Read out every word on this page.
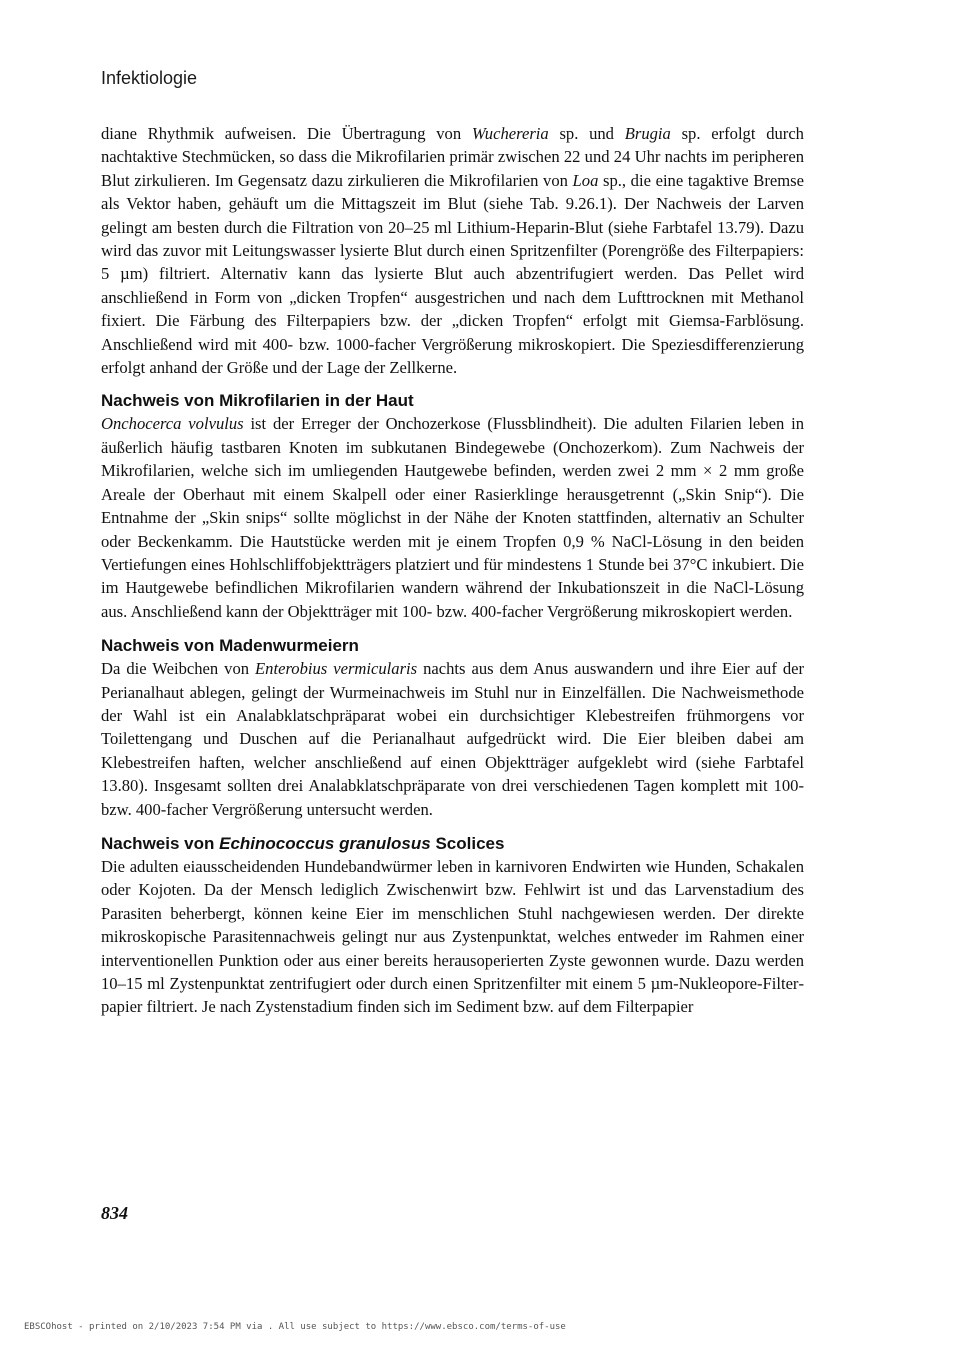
Infektiologie

diane Rhythmik aufweisen. Die Übertragung von Wuchereria sp. und Brugia sp. erfolgt durch nachtaktive Stechmücken, so dass die Mikrofilarien primär zwischen 22 und 24 Uhr nachts im peripheren Blut zirkulieren. Im Gegensatz dazu zirkulieren die Mikrofilarien von Loa sp., die eine tagaktive Bremse als Vektor haben, gehäuft um die Mittagszeit im Blut (siehe Tab. 9.26.1). Der Nachweis der Larven gelingt am besten durch die Filtration von 20–25 ml Lithium-Heparin-Blut (siehe Farbtafel 13.79). Dazu wird das zuvor mit Leitungswasser lysierte Blut durch einen Spritzenfilter (Porengröße des Filterpapiers: 5 µm) filtriert. Alternativ kann das lysierte Blut auch abzentrifugiert werden. Das Pellet wird anschließend in Form von „dicken Tropfen“ ausgestrichen und nach dem Lufttrocknen mit Methanol fixiert. Die Färbung des Filterpapiers bzw. der „dicken Tropfen“ erfolgt mit Giemsa-Farblösung. Anschließend wird mit 400- bzw. 1000-facher Vergrößerung mikroskopiert. Die Speziesdifferenzierung erfolgt anhand der Größe und der Lage der Zellkerne.

Nachweis von Mikrofilarien in der Haut

Onchocerca volvulus ist der Erreger der Onchozerkose (Flussblindheit). Die adulten Filarien leben in äußerlich häufig tastbaren Knoten im subkutanen Bindegewebe (Onchozerkom). Zum Nachweis der Mikrofilarien, welche sich im umliegenden Hautgewebe befinden, werden zwei 2 mm × 2 mm große Areale der Oberhaut mit einem Skalpell oder einer Rasierklinge herausgetrennt („Skin Snip“). Die Entnahme der „Skin snips“ sollte möglichst in der Nähe der Knoten stattfinden, alternativ an Schulter oder Beckenkamm. Die Hautstücke werden mit je einem Tropfen 0,9 % NaCl-Lösung in den beiden Vertiefungen eines Hohlschliffobjektträgers platziert und für mindestens 1 Stunde bei 37°C inkubiert. Die im Hautgewebe befindlichen Mikrofilarien wandern während der Inkubationszeit in die NaCl-Lösung aus. Anschließend kann der Objektträger mit 100- bzw. 400-facher Vergrößerung mikroskopiert werden.

Nachweis von Madenwurmeiern

Da die Weibchen von Enterobius vermicularis nachts aus dem Anus auswandern und ihre Eier auf der Perianalhaut ablegen, gelingt der Wurmeinachweis im Stuhl nur in Einzelfällen. Die Nachweismethode der Wahl ist ein Analabklatschpräparat wobei ein durchsichtiger Klebestreifen frühmorgens vor Toilettengang und Duschen auf die Perianalhaut aufgedrückt wird. Die Eier bleiben dabei am Klebestreifen haften, welcher anschließend auf einen Objektträger aufgeklebt wird (siehe Farbtafel 13.80). Insgesamt sollten drei Analabklatschpräparate von drei verschiedenen Tagen komplett mit 100- bzw. 400-facher Vergrößerung untersucht werden.

Nachweis von Echinococcus granulosus Scolices

Die adulten eiausscheidenden Hundebandwürmer leben in karnivoren Endwirten wie Hunden, Schakalen oder Kojoten. Da der Mensch lediglich Zwischenwirt bzw. Fehlwirt ist und das Larvenstadium des Parasiten beherbergt, können keine Eier im menschlichen Stuhl nachgewiesen werden. Der direkte mikroskopische Parasitennachweis gelingt nur aus Zystenpunktat, welches entweder im Rahmen einer interventionellen Punktion oder aus einer bereits herausoperierten Zyste gewonnen wurde. Dazu werden 10–15 ml Zystenpunktat zentrifugiert oder durch einen Spritzenfilter mit einem 5 µm-Nukleopore-Filterpapier filtriert. Je nach Zystenstadium finden sich im Sediment bzw. auf dem Filterpapier

834
EBSCOhost - printed on 2/10/2023 7:54 PM via . All use subject to https://www.ebsco.com/terms-of-use
